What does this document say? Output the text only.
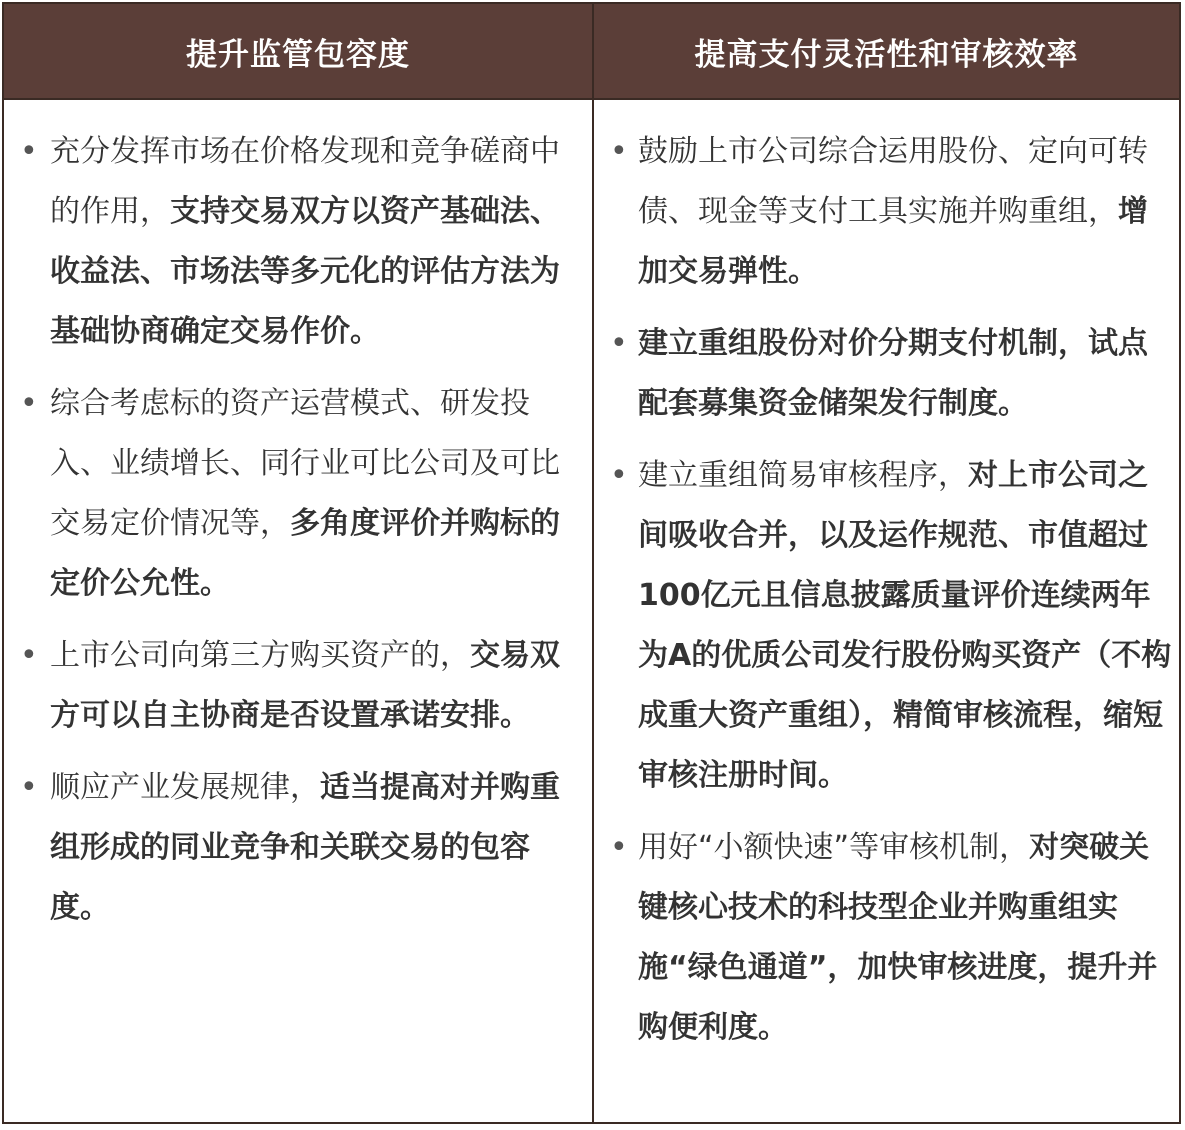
提升监管包容度	提高支付灵活性和审核效率
• 充分发挥市场在价格发现和竞争磋商中的作用，支持交易双方以资产基础法、收益法、市场法等多元化的评估方法为基础协商确定交易作价。
• 综合考虑标的资产运营模式、研发投入、业绩增长、同行业可比公司及可比交易定价情况等，多角度评价并购标的定价公允性。
• 上市公司向第三方购买资产的，交易双方可以自主协商是否设置承诺安排。
• 顺应产业发展规律，适当提高对并购重组形成的同业竞争和关联交易的包容度。
• 鼓励上市公司综合运用股份、定向可转债、现金等支付工具实施并购重组，增加交易弹性。
• 建立重组股份对价分期支付机制，试点配套募集资金储架发行制度。
• 建立重组简易审核程序，对上市公司之间吸收合并，以及运作规范、市值超过100亿元且信息披露质量评价连续两年为A的优质公司发行股份购买资产（不构成重大资产重组），精简审核流程，缩短审核注册时间。
• 用好“小额快速”等审核机制，对突破关键核心技术的科技型企业并购重组实施“绿色通道”，加快审核进度，提升并购便利度。
